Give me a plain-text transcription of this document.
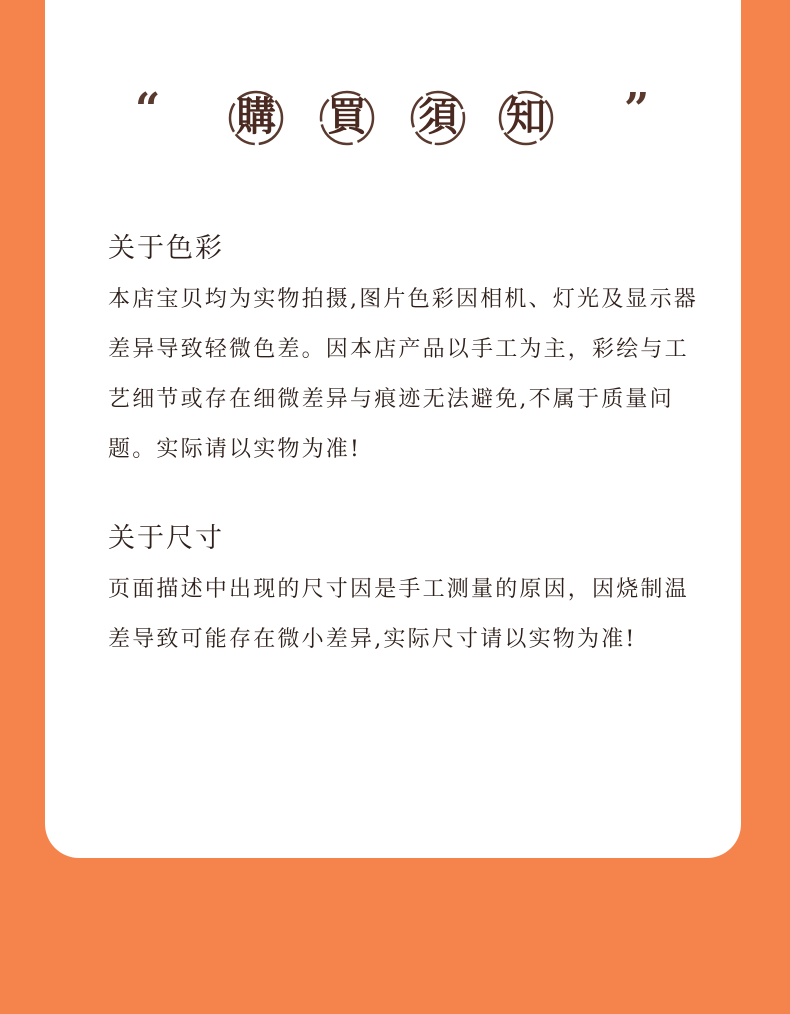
“ 購 買 須 知 ”
关于色彩

本店宝贝均为实物拍摄,图片色彩因相机、灯光及显示器差异导致轻微色差。因本店产品以手工为主，彩绘与工艺细节或存在细微差异与痕迹无法避免,不属于质量问题。实际请以实物为准!

关于尺寸

页面描述中出现的尺寸因是手工测量的原因，因烧制温差导致可能存在微小差异,实际尺寸请以实物为准!
